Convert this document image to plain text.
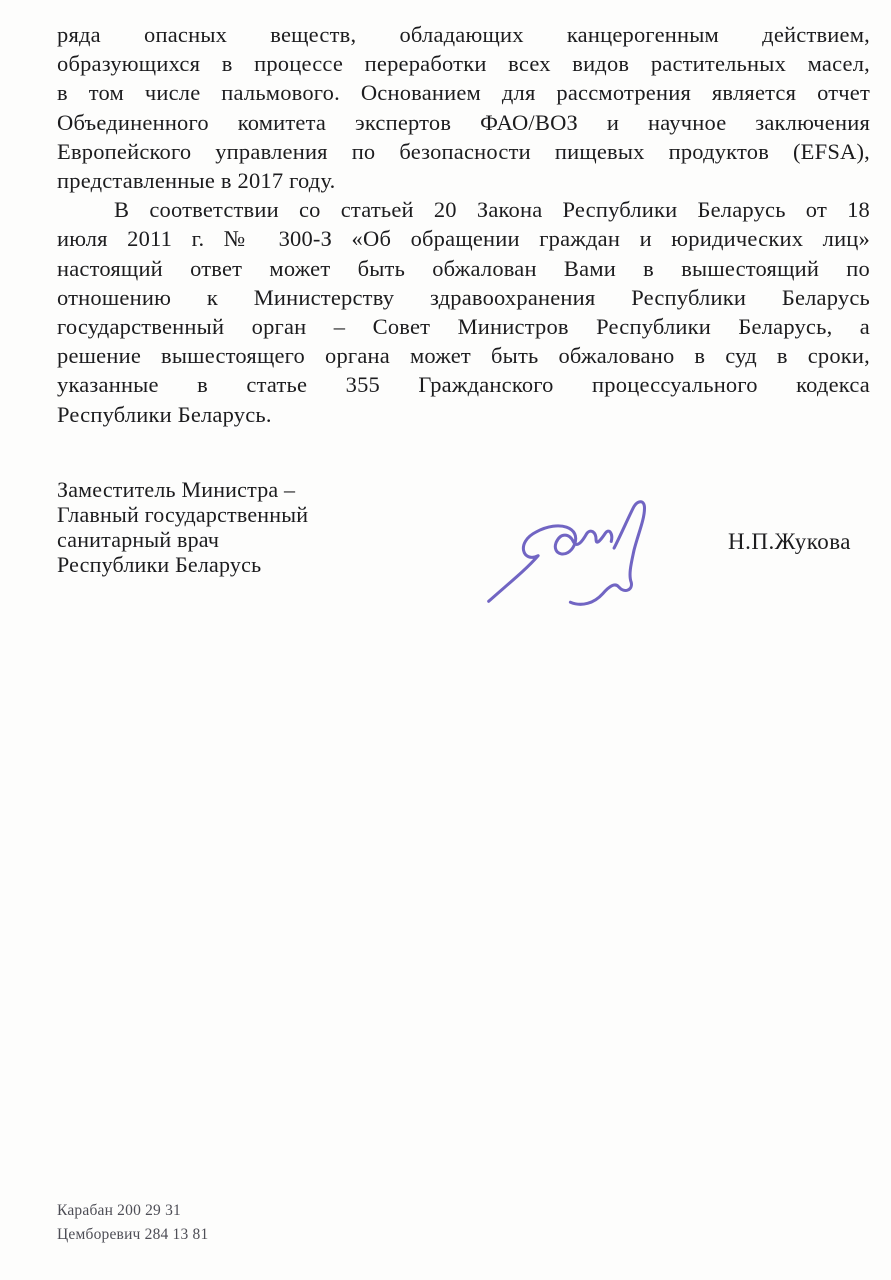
ряда опасных веществ, обладающих канцерогенным действием,
образующихся в процессе переработки всех видов растительных масел,
в том числе пальмового. Основанием для рассмотрения является отчет
Объединенного комитета экспертов ФАО/ВОЗ и научное заключения
Европейского управления по безопасности пищевых продуктов (EFSA),
представленные в 2017 году.
В соответствии со статьей 20 Закона Республики Беларусь от 18
июля 2011 г. № 300-З «Об обращении граждан и юридических лиц»
настоящий ответ может быть обжалован Вами в вышестоящий по
отношению к Министерству здравоохранения Республики Беларусь
государственный орган – Совет Министров Республики Беларусь, а
решение вышестоящего органа может быть обжаловано в суд в сроки,
указанные в статье 355 Гражданского процессуального кодекса
Республики Беларусь.
Заместитель Министра –
Главный государственный
санитарный врач
Республики Беларусь
Н.П.Жукова
Карабан 200 29 31
Цемборевич 284 13 81
